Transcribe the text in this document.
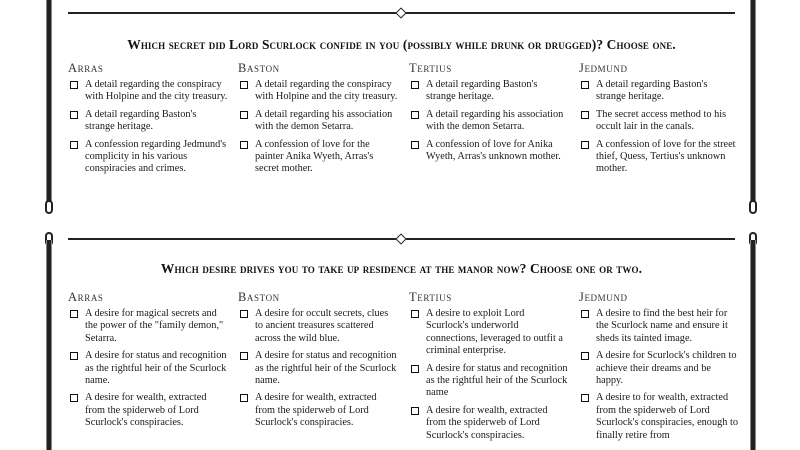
Which secret did Lord Scurlock confide in you (possibly while drunk or drugged)? Choose one.
Which desire drives you to take up residence at the manor now? Choose one or two.
Arras
A detail regarding the conspiracy with Holpine and the city treasury.
A detail regarding Baston's strange heritage.
A confession regarding Jedmund's complicity in his various conspiracies and crimes.
Baston
A detail regarding the conspiracy with Holpine and the city treasury.
A detail regarding his association with the demon Setarra.
A confession of love for the painter Anika Wyeth, Arras's secret mother.
Tertius
A detail regarding Baston's strange heritage.
A detail regarding his association with the demon Setarra.
A confession of love for Anika Wyeth, Arras's unknown mother.
Jedmund
A detail regarding Baston's strange heritage.
The secret access method to his occult lair in the canals.
A confession of love for the street thief, Quess, Tertius's unknown mother.
Arras
A desire for magical secrets and the power of the "family demon," Setarra.
A desire for status and recognition as the rightful heir of the Scurlock name.
A desire for wealth, extracted from the spiderweb of Lord Scurlock's conspiracies.
Baston
A desire for occult secrets, clues to ancient treasures scattered across the wild blue.
A desire for status and recognition as the rightful heir of the Scurlock name.
A desire for wealth, extracted from the spiderweb of Lord Scurlock's conspiracies.
Tertius
A desire to exploit Lord Scurlock's underworld connections, leveraged to outfit a criminal enterprise.
A desire for status and recognition as the rightful heir of the Scurlock name
A desire for wealth, extracted from the spiderweb of Lord Scurlock's conspiracies.
Jedmund
A desire to find the best heir for the Scurlock name and ensure it sheds its tainted image.
A desire for Scurlock's children to achieve their dreams and be happy.
A desire to for wealth, extracted from the spiderweb of Lord Scurlock's conspiracies, enough to finally retire from
